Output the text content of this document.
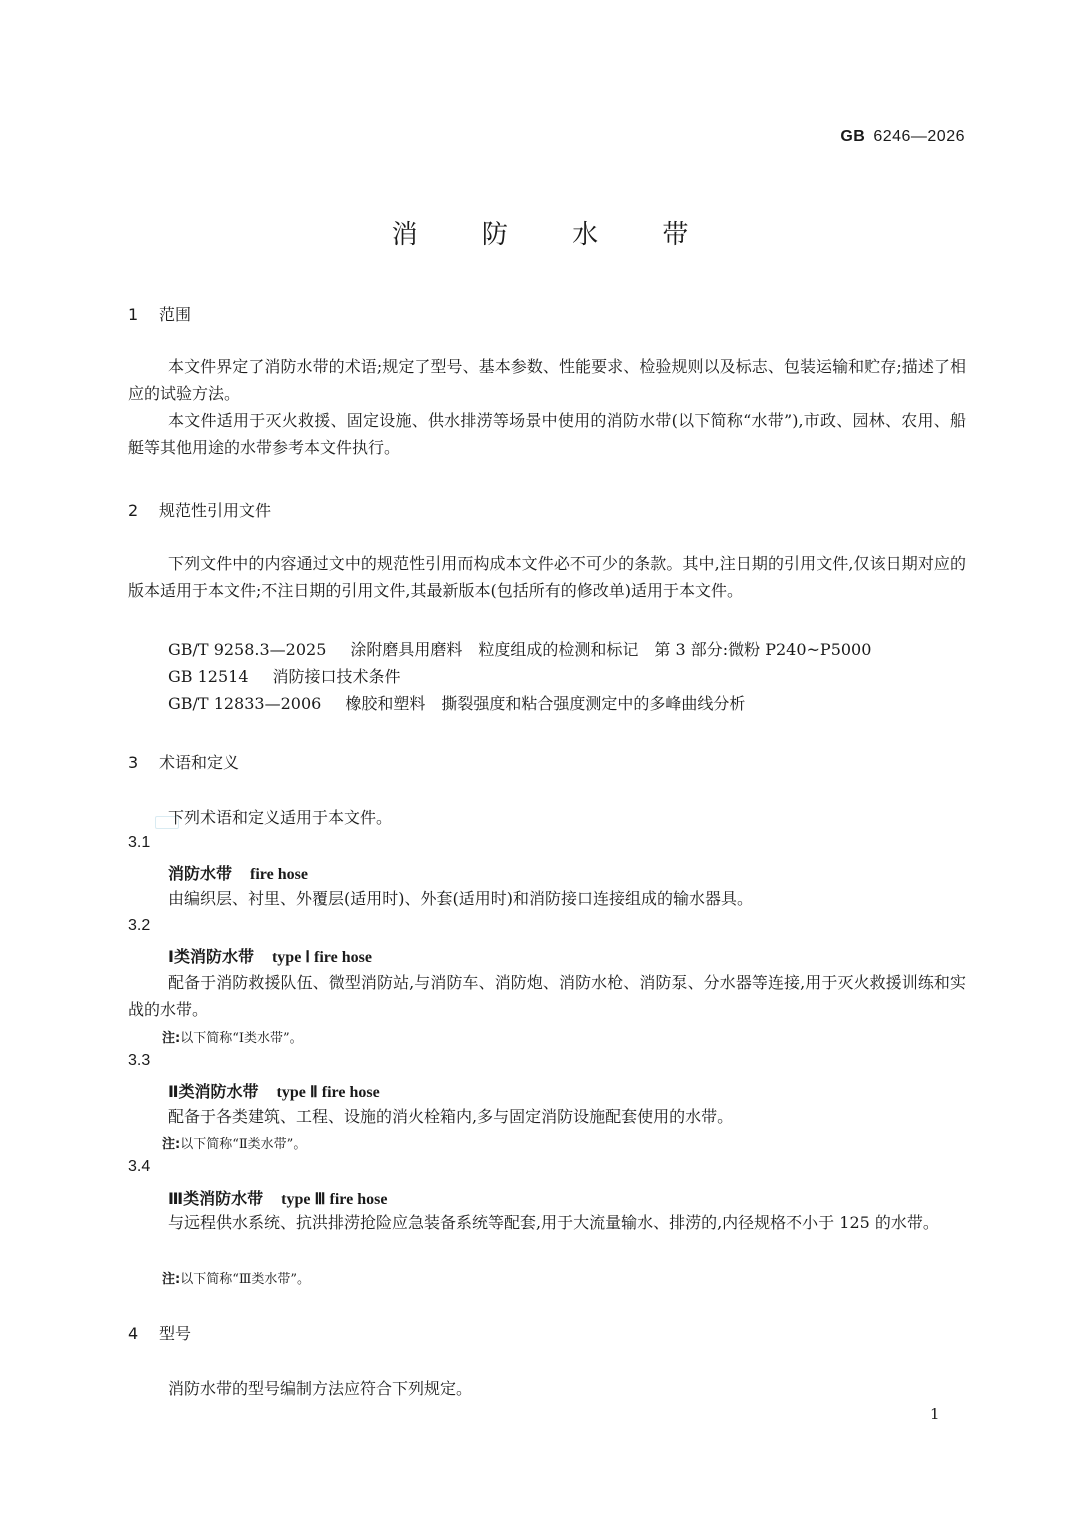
GB 6246—2026
消 防 水 带
1 范围

本文件界定了消防水带的术语;规定了型号、基本参数、性能要求、检验规则以及标志、包装运输和贮存;描述了相应的试验方法。

本文件适用于灭火救援、固定设施、供水排涝等场景中使用的消防水带(以下简称“水带”),市政、园林、农用、船艇等其他用途的水带参考本文件执行。

2 规范性引用文件

下列文件中的内容通过文中的规范性引用而构成本文件必不可少的条款。其中,注日期的引用文件,仅该日期对应的版本适用于本文件;不注日期的引用文件,其最新版本(包括所有的修改单)适用于本文件。

GB/T 9258.3—2025 涂附磨具用磨料　粒度组成的检测和标记　第 3 部分:微粉 P240~P5000
GB 12514 消防接口技术条件
GB/T 12833—2006 橡胶和塑料　撕裂强度和粘合强度测定中的多峰曲线分析
3 术语和定义
下列术语和定义适用于本文件。
3.1
消防水带 fire hose

由编织层、衬里、外覆层(适用时)、外套(适用时)和消防接口连接组成的输水器具。

3.2
Ⅰ类消防水带 type Ⅰ fire hose

配备于消防救援队伍、微型消防站,与消防车、消防炮、消防水枪、消防泵、分水器等连接,用于灭火救援训练和实战的水带。

注:以下简称“Ⅰ类水带”。
3.3
Ⅱ类消防水带 type Ⅱ fire hose

配备于各类建筑、工程、设施的消火栓箱内,多与固定消防设施配套使用的水带。

注:以下简称“Ⅱ类水带”。
3.4
Ⅲ类消防水带 type Ⅲ fire hose

与远程供水系统、抗洪排涝抢险应急装备系统等配套,用于大流量输水、排涝的,内径规格不小于 125 的水带。

注:以下简称“Ⅲ类水带”。
4 型号
消防水带的型号编制方法应符合下列规定。
1
